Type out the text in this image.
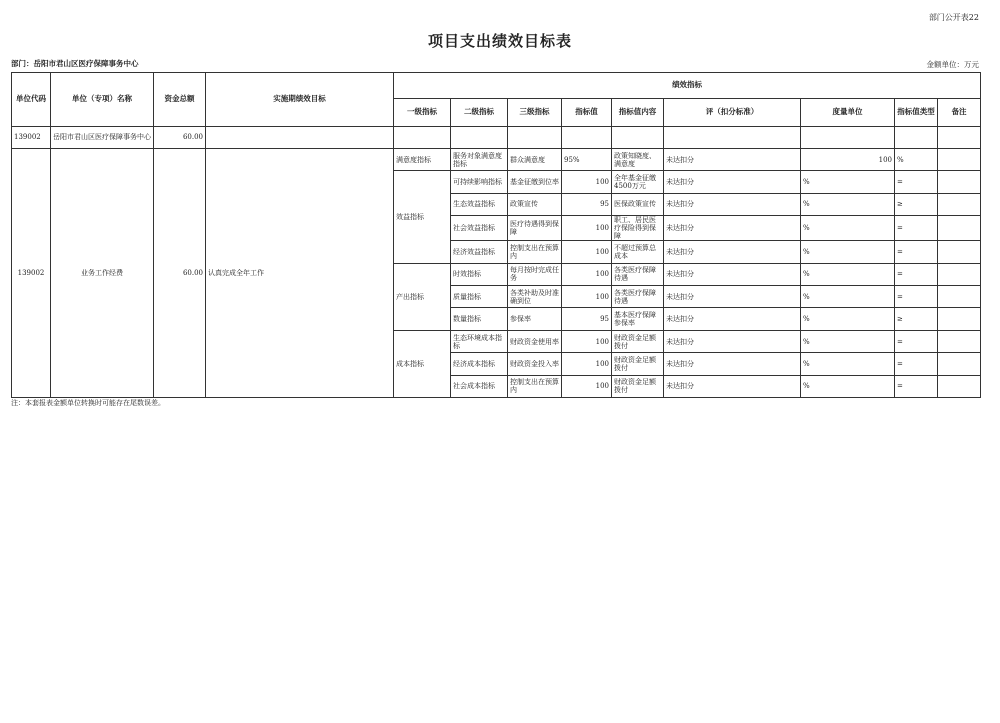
部门公开表22
项目支出绩效目标表
部门：岳阳市君山区医疗保障事务中心	金额单位：万元
单位代码	单位（专项）名称	资金总额	实施期绩效目标	绩效指标								
				一级指标	二级指标	三级指标	指标值	指标值内容	评（扣分标准）	度量单位	指标值类型	备注
139002	岳阳市君山区医疗保障事务中心	60.00										
139002	业务工作经费	60.00	认真完成全年工作	满意度指标	服务对象满意度指标	群众满意度	95%	政策知晓度、满意度	未达扣分	100	%	
				效益指标	可持续影响指标	基金征缴到位率	100	全年基金征缴4500万元	未达扣分	%	=	
					生态效益指标	政策宣传	95	医保政策宣传	未达扣分	%	≥	
					社会效益指标	医疗待遇得到保障	100	职工、居民医疗保险得到保障	未达扣分	%	=	
					经济效益指标	控制支出在预算内	100	不超过预算总成本	未达扣分	%	=	
				产出指标	时效指标	每月按时完成任务	100	各类医疗保障待遇	未达扣分	%	=	
					质量指标	各类补助及时准确到位	100	各类医疗保障待遇	未达扣分	%	=	
					数量指标	参保率	95	基本医疗保障参保率	未达扣分	%	≥	
				成本指标	生态环境成本指标	财政资金使用率	100	财政资金足额拨付	未达扣分	%	=	
					经济成本指标	财政资金投入率	100	财政资金足额拨付	未达扣分	%	=	
					社会成本指标	控制支出在预算内	100	财政资金足额拨付	未达扣分	%	=	
注：本套报表金额单位转换时可能存在尾数误差。
